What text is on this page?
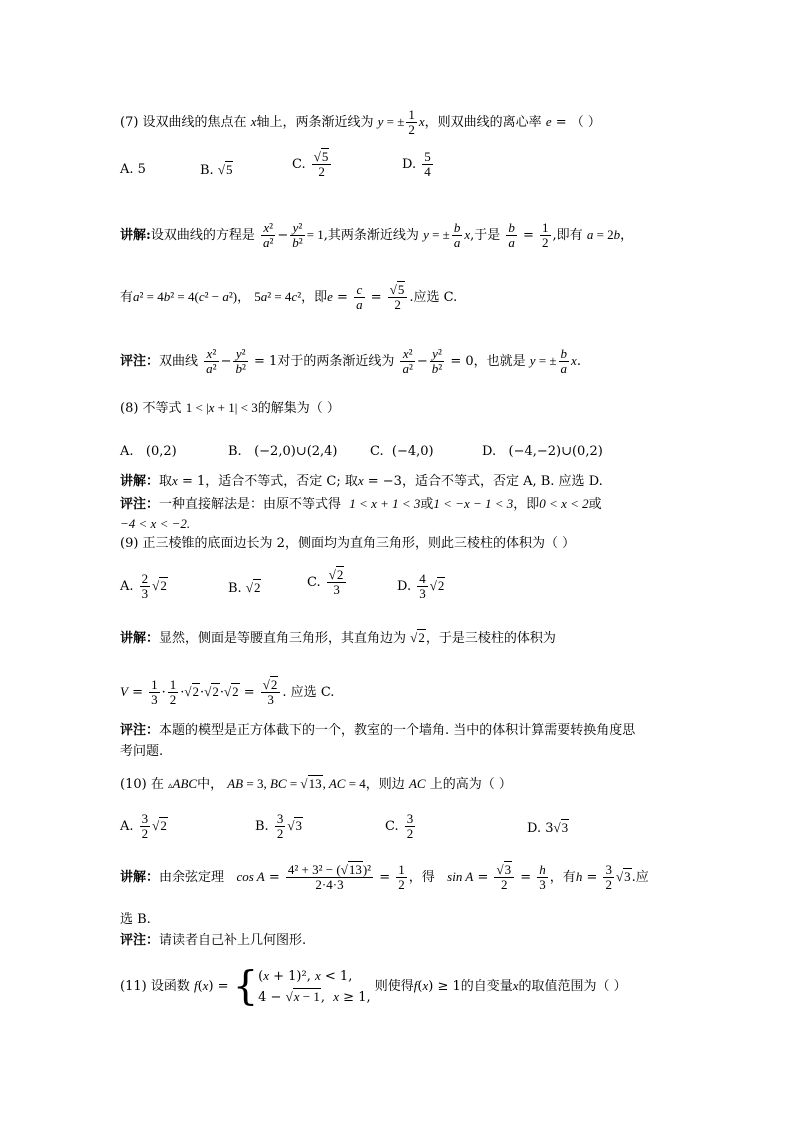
(7) 设双曲线的焦点在 x轴上，两条渐近线为 y = ± $\frac{1}{2}$ x，则双曲线的离心率 e = （ ）
A. 5	B. √5	C. $\frac{√5}{2}$	D. $\frac{5}{4}$
讲解:设双曲线的方程是 $\frac{\text{x²}}{\text{a²}} - \frac{\text{y²}}{\text{b²}} = 1$,其两条渐近线为 y = ± $\frac{b}{a} x$,于是 $\frac{b}{a} = \frac{1}{2}$ ,即有 a = 2b，
有a² = 4b² = 4(c² − a²)， 5a² = 4c²，即$e = \frac{c}{a} = \frac{√5}{2}$ .应选 C.
评注：双曲线 $\frac{\text{x²}}{\text{a²}} - \frac{\text{y²}}{\text{b²}} = 1$对于的两条渐近线为 $\frac{\text{x²}}{\text{a²}} - \frac{\text{y²}}{\text{b²}} = 0$，也就是 y = ± $\frac{b}{a} x$.
(8) 不等式 1 < |x + 1| < 3的解集为（ ）
A.   (0,2)	B.   (−2,0)∪(2,4) C.  (−4,0)	D.   (−4,−2)∪(0,2)
讲解：取x = 1，适合不等式，否定 C; 取x = −3，适合不等式，否定 A, B. 应选 D.
评注：一种直接解法是：由原不等式得 1 < x + 1 < 3或1 < −x − 1 < 3，即0 < x < 2或
−4 < x < −2.
(9) 正三棱锥的底面边长为 2，侧面均为直角三角形，则此三棱柱的体积为（ ）
A. $\frac{2}{3} √2$	B. √2	C. $\frac{√2}{3}$	D. $\frac{4}{3} √2$
讲解：显然，侧面是等腰直角三角形，其直角边为 √2，于是三棱柱的体积为
$V = \frac{1}{3} \cdot \frac{1}{2} \cdot√2\cdot√2\cdot√2 = \frac{√2}{3}$ . 应选 C.
评注：本题的模型是正方体截下的一个，教室的一个墙角. 当中的体积计算需要转换角度思
考问题.
(10) 在 ▵ABC中， AB = 3, BC = √13, AC = 4，则边 AC 上的高为（ ）
A. $\frac{3}{2} √2$	B. $\frac{3}{2} √3$	C. $\frac{3}{2}$	D. 3√3
讲解：由余弦定理 $\cos A = \frac{\text{4² + 3² − (√13)²}}{2\cdot 4\cdot 3} = \frac{1}{2}$ ，得 $\sin A = \frac{√3}{2} = \frac{h}{3}$ ，有$h = \frac{3}{2} √3$.应
选 B.
评注：请读者自己补上几何图形.
(11) 设函数 f(x) = { (x + 1)², x < 1,
4 − √x − 1,  x ≥ 1,
则使得f(x) ≥ 1的自变量x的取值范围为（ ）
